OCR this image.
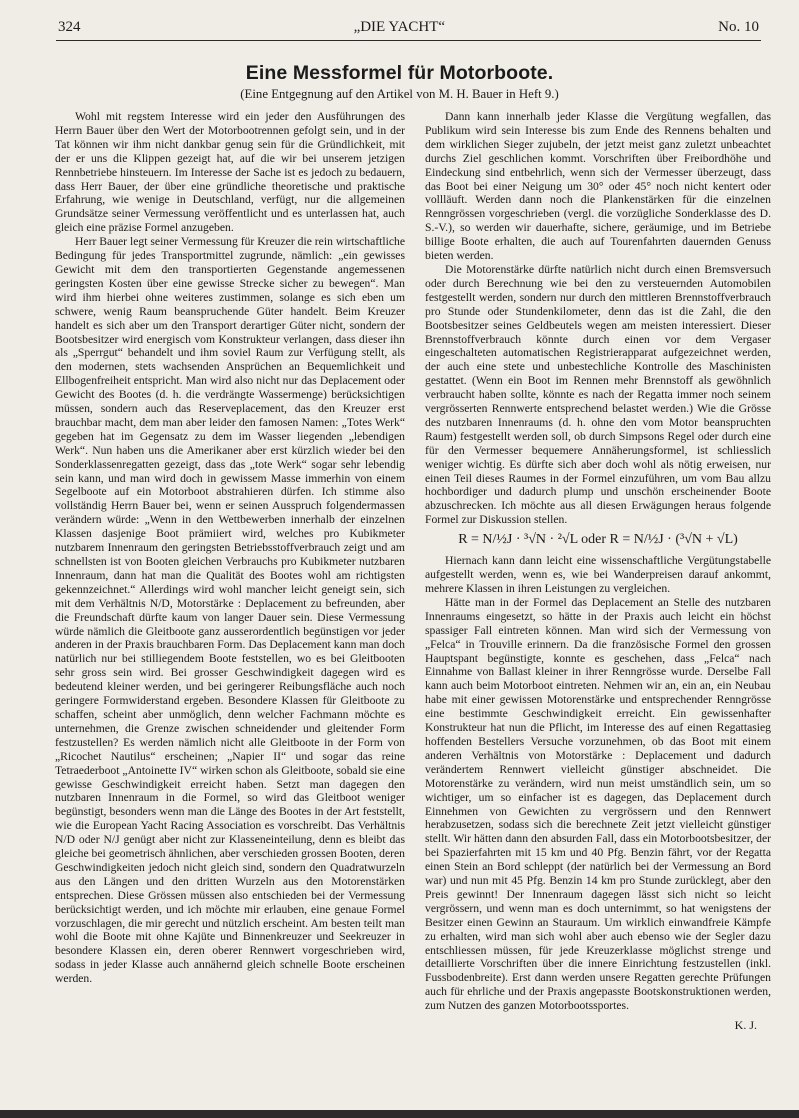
324	„DIE YACHT“	No. 10
Eine Messformel für Motorboote.
(Eine Entgegnung auf den Artikel von M. H. Bauer in Heft 9.)

Wohl mit regstem Interesse wird ein jeder den Ausführungen des Herrn Bauer über den Wert der Motorbootrennen gefolgt sein, und in der Tat können wir ihm nicht dankbar genug sein für die Gründlichkeit, mit der er uns die Klippen gezeigt hat, auf die wir bei unserem jetzigen Rennbetriebe hinsteuern. Im Interesse der Sache ist es jedoch zu bedauern, dass Herr Bauer, der über eine gründliche theoretische und praktische Erfahrung, wie wenige in Deutschland, verfügt, nur die allgemeinen Grundsätze seiner Vermessung veröffentlicht und es unterlassen hat, auch gleich eine präzise Formel anzugeben.

Herr Bauer legt seiner Vermessung für Kreuzer die rein wirtschaftliche Bedingung für jedes Transportmittel zugrunde, nämlich: „ein gewisses Gewicht mit dem den transportierten Gegenstande angemessenen geringsten Kosten über eine gewisse Strecke sicher zu bewegen“. Man wird ihm hierbei ohne weiteres zustimmen, solange es sich eben um schwere, wenig Raum beanspruchende Güter handelt. Beim Kreuzer handelt es sich aber um den Transport derartiger Güter nicht, sondern der Bootsbesitzer wird energisch vom Konstrukteur verlangen, dass dieser ihn als „Sperrgut“ behandelt und ihm soviel Raum zur Verfügung stellt, als den modernen, stets wachsenden Ansprüchen an Bequemlichkeit und Ellbogenfreiheit entspricht. Man wird also nicht nur das Deplacement oder Gewicht des Bootes (d. h. die verdrängte Wassermenge) berücksichtigen müssen, sondern auch das Reserveplacement, das den Kreuzer erst brauchbar macht, dem man aber leider den famosen Namen: „Totes Werk“ gegeben hat im Gegensatz zu dem im Wasser liegenden „lebendigen Werk“. Nun haben uns die Amerikaner aber erst kürzlich wieder bei den Sonderklassenregatten gezeigt, dass das „tote Werk“ sogar sehr lebendig sein kann, und man wird doch in gewissem Masse immerhin von einem Segelboote auf ein Motorboot abstrahieren dürfen. Ich stimme also vollständig Herrn Bauer bei, wenn er seinen Ausspruch folgendermassen verändern würde: „Wenn in den Wettbewerben innerhalb der einzelnen Klassen dasjenige Boot prämiiert wird, welches pro Kubikmeter nutzbarem Innenraum den geringsten Betriebsstoffverbrauch zeigt und am schnellsten ist von Booten gleichen Verbrauchs pro Kubikmeter nutzbaren Innenraum, dann hat man die Qualität des Bootes wohl am richtigsten gekennzeichnet.“ Allerdings wird wohl mancher leicht geneigt sein, sich mit dem Verhältnis N/D, Motorstärke : Deplacement zu befreunden, aber die Freundschaft dürfte kaum von langer Dauer sein. Diese Vermessung würde nämlich die Gleitboote ganz ausserordentlich begünstigen vor jeder anderen in der Praxis brauchbaren Form. Das Deplacement kann man doch natürlich nur bei stilliegendem Boote feststellen, wo es bei Gleitbooten sehr gross sein wird. Bei grosser Geschwindigkeit dagegen wird es bedeutend kleiner werden, und bei geringerer Reibungsfläche auch noch geringere Formwiderstand ergeben. Besondere Klassen für Gleitboote zu schaffen, scheint aber unmöglich, denn welcher Fachmann möchte es unternehmen, die Grenze zwischen schneidender und gleitender Form festzustellen? Es werden nämlich nicht alle Gleitboote in der Form von „Ricochet Nautilus“ erscheinen; „Napier II“ und sogar das reine Tetraederboot „Antoinette IV“ wirken schon als Gleitboote, sobald sie eine gewisse Geschwindigkeit erreicht haben. Setzt man dagegen den nutzbaren Innenraum in die Formel, so wird das Gleitboot weniger begünstigt, besonders wenn man die Länge des Bootes in der Art feststellt, wie die European Yacht Racing Association es vorschreibt. Das Verhältnis N/D oder N/J genügt aber nicht zur Klasseneinteilung, denn es bleibt das gleiche bei geometrisch ähnlichen, aber verschieden grossen Booten, deren Geschwindigkeiten jedoch nicht gleich sind, sondern den Quadratwurzeln aus den Längen und den dritten Wurzeln aus den Motorenstärken entsprechen. Diese Grössen müssen also entschieden bei der Vermessung berücksichtigt werden, und ich möchte mir erlauben, eine genaue Formel vorzuschlagen, die mir gerecht und nützlich erscheint. Am besten teilt man wohl die Boote mit ohne Kajüte und Binnenkreuzer und Seekreuzer in besondere Klassen ein, deren oberer Rennwert vorgeschrieben wird, sodass in jeder Klasse auch annähernd gleich schnelle Boote erscheinen werden.

Dann kann innerhalb jeder Klasse die Vergütung wegfallen, das Publikum wird sein Interesse bis zum Ende des Rennens behalten und dem wirklichen Sieger zujubeln, der jetzt meist ganz zuletzt unbeachtet durchs Ziel geschlichen kommt. Vorschriften über Freibordhöhe und Eindeckung sind entbehrlich, wenn sich der Vermesser überzeugt, dass das Boot bei einer Neigung um 30° oder 45° noch nicht kentert oder vollläuft. Werden dann noch die Plankenstärken für die einzelnen Renngrössen vorgeschrieben (vergl. die vorzügliche Sonderklasse des D. S.-V.), so werden wir dauerhafte, sichere, geräumige, und im Betriebe billige Boote erhalten, die auch auf Tourenfahrten dauernden Genuss bieten werden.

Die Motorenstärke dürfte natürlich nicht durch einen Bremsversuch oder durch Berechnung wie bei den zu versteuernden Automobilen festgestellt werden, sondern nur durch den mittleren Brennstoffverbrauch pro Stunde oder Stundenkilometer, denn das ist die Zahl, die den Bootsbesitzer seines Geldbeutels wegen am meisten interessiert. Dieser Brennstoffverbrauch könnte durch einen vor dem Vergaser eingeschalteten automatischen Registrierapparat aufgezeichnet werden, der auch eine stete und unbestechliche Kontrolle des Maschinisten gestattet. (Wenn ein Boot im Rennen mehr Brennstoff als gewöhnlich verbraucht haben sollte, könnte es nach der Regatta immer noch seinem vergrösserten Rennwerte entsprechend belastet werden.) Wie die Grösse des nutzbaren Innenraums (d. h. ohne den vom Motor beanspruchten Raum) festgestellt werden soll, ob durch Simpsons Regel oder durch eine für den Vermesser bequemere Annäherungsformel, ist schliesslich weniger wichtig. Es dürfte sich aber doch wohl als nötig erweisen, nur einen Teil dieses Raumes in der Formel einzuführen, um vom Bau allzu hochbordiger und dadurch plump und unschön erscheinender Boote abzuschrecken. Ich möchte aus all diesen Erwägungen heraus folgende Formel zur Diskussion stellen.

R = N/½J · ³√N · ²√L oder R = N/½J · (³√N + √L)

Hiernach kann dann leicht eine wissenschaftliche Vergütungstabelle aufgestellt werden, wenn es, wie bei Wanderpreisen darauf ankommt, mehrere Klassen in ihren Leistungen zu vergleichen.

Hätte man in der Formel das Deplacement an Stelle des nutzbaren Innenraums eingesetzt, so hätte in der Praxis auch leicht ein höchst spassiger Fall eintreten können. Man wird sich der Vermessung von „Felca“ in Trouville erinnern. Da die französische Formel den grossen Hauptspant begünstigte, konnte es geschehen, dass „Felca“ nach Einnahme von Ballast kleiner in ihrer Renngrösse wurde. Derselbe Fall kann auch beim Motorboot eintreten. Nehmen wir an, ein an, ein Neubau habe mit einer gewissen Motorenstärke und entsprechender Renngrösse eine bestimmte Geschwindigkeit erreicht. Ein gewissenhafter Konstrukteur hat nun die Pflicht, im Interesse des auf einen Regattasieg hoffenden Bestellers Versuche vorzunehmen, ob das Boot mit einem anderen Verhältnis von Motorstärke : Deplacement und dadurch verändertem Rennwert vielleicht günstiger abschneidet. Die Motorenstärke zu verändern, wird nun meist umständlich sein, um so wichtiger, um so einfacher ist es dagegen, das Deplacement durch Einnehmen von Gewichten zu vergrössern und den Rennwert herabzusetzen, sodass sich die berechnete Zeit jetzt vielleicht günstiger stellt. Wir hätten dann den absurden Fall, dass ein Motorbootsbesitzer, der bei Spazierfahrten mit 15 km und 40 Pfg. Benzin fährt, vor der Regatta einen Stein an Bord schleppt (der natürlich bei der Vermessung an Bord war) und nun mit 45 Pfg. Benzin 14 km pro Stunde zurücklegt, aber den Preis gewinnt! Der Innenraum dagegen lässt sich nicht so leicht vergrössern, und wenn man es doch unternimmt, so hat wenigstens der Besitzer einen Gewinn an Stauraum. Um wirklich einwandfreie Kämpfe zu erhalten, wird man sich wohl aber auch ebenso wie der Segler dazu entschliessen müssen, für jede Kreuzerklasse möglichst strenge und detaillierte Vorschriften über die innere Einrichtung festzustellen (inkl. Fussbodenbreite). Erst dann werden unsere Regatten gerechte Prüfungen auch für ehrliche und der Praxis angepasste Bootskonstruktionen werden, zum Nutzen des ganzen Motorbootssportes.

K. J.
